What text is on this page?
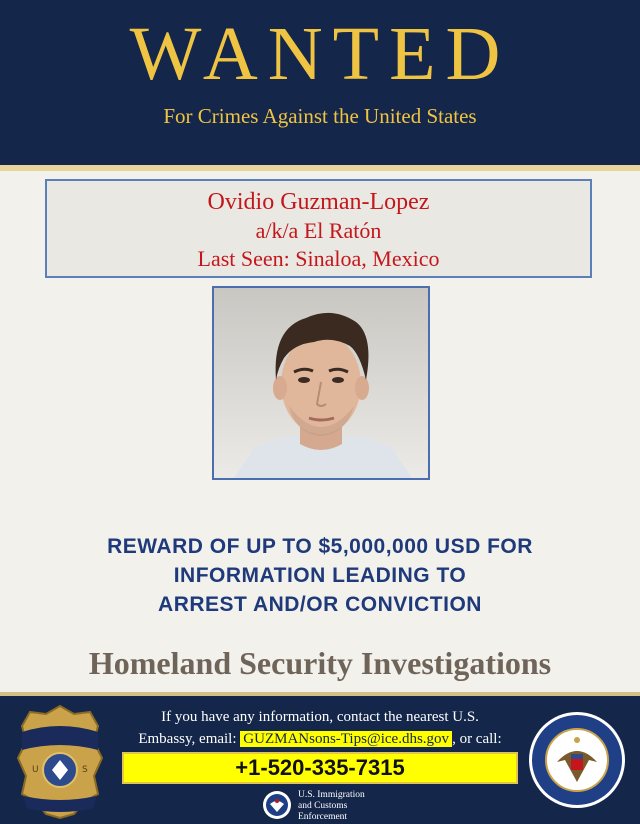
WANTED
For Crimes Against the United States
Ovidio Guzman-Lopez
a/k/a El Ratón
Last Seen: Sinaloa, Mexico
REWARD OF UP TO $5,000,000 USD FOR
INFORMATION LEADING TO
ARREST AND/OR CONVICTION
Homeland Security Investigations
U	S
If you have any information, contact the nearest U.S.
Embassy, email: GUZMANsons-Tips@ice.dhs.gov , or call:
+1-520-335-7315
U.S. Immigration
and Customs
Enforcement
